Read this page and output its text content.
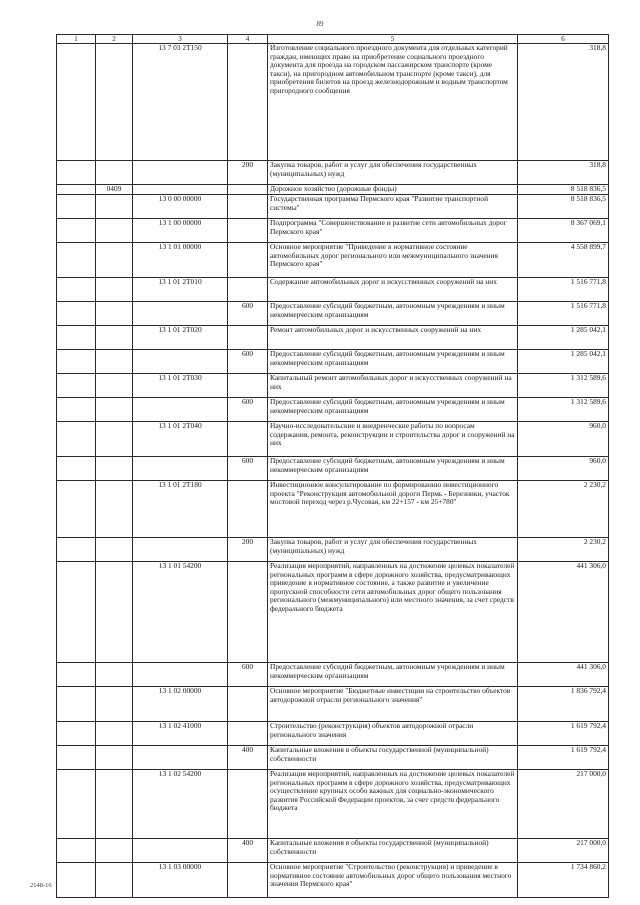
89
1	2	3	4	5	6
		13 7 03 2Т150		Изготовление социального проездного документа для отдельных категорий граждан, имеющих право на приобретение социального проездного документа для проезда на городском пассажирском транспорте (кроме такси), на пригородном автомобильном транспорте (кроме такси), для приобретения билетов на проезд железнодорожным и водным транспортом пригородного сообщения	318,8
			200	Закупка товаров, работ и услуг для обеспечения государственных (муниципальных) нужд	318,8
	0409			Дорожное хозяйство (дорожные фонды)	8 518 836,5
		13 0 00 00000		Государственная программа Пермского края "Развитие транспортной системы"	8 518 836,5
		13 1 00 00000		Подпрограмма "Совершенствование и развитие сети автомобильных дорог Пермского края"	8 367 069,1
		13 1 01 00000		Основное мероприятие "Приведение в нормативное состояние автомобильных дорог регионального или межмуниципального значения Пермского края"	4 558 899,7
		13 1 01 2Т010		Содержание автомобильных дорог и искусственных сооружений на них	1 516 771,8
			600	Предоставление субсидий бюджетным, автономным учреждениям и иным некоммерческим организациям	1 516 771,8
		13 1 01 2Т020		Ремонт автомобильных дорог и искусственных сооружений на них	1 285 042,1
			600	Предоставление субсидий бюджетным, автономным учреждениям и иным некоммерческим организациям	1 285 042,1
		13 1 01 2Т030		Капитальный ремонт автомобильных дорог и искусственных сооружений на них	1 312 589,6
			600	Предоставление субсидий бюджетным, автономным учреждениям и иным некоммерческим организациям	1 312 589,6
		13 1 01 2Т040		Научно-исследовательские и внедренческие работы по вопросам содержания, ремонта, реконструкции и строительства дорог и сооружений на них	960,0
			600	Предоставление субсидий бюджетным, автономным учреждениям и иным некоммерческим организациям	960,0
		13 1 01 2Т180		Инвестиционное консультирование по формированию инвестиционного проекта "Реконструкция автомобильной дороги Пермь - Березники, участок мостовой переход через р.Чусовая, км 22+157 - км 25+780"	2 230,2
			200	Закупка товаров, работ и услуг для обеспечения государственных (муниципальных) нужд	2 230,2
		13 1 01 54200		Реализация мероприятий, направленных на достижение целевых показателей региональных программ в сфере дорожного хозяйства, предусматривающих приведение в нормативное состояние, а также развитие и увеличение пропускной способности сети автомобильных дорог общего пользования регионального (межмуниципального) или местного значения, за счет средств федерального бюджета	441 306,0
			600	Предоставление субсидий бюджетным, автономным учреждениям и иным некоммерческим организациям	441 306,0
		13 1 02 00000		Основное мероприятие "Бюджетные инвестиции на строительство объектов автодорожной отрасли регионального значения"	1 836 792,4
		13 1 02 41000		Строительство (реконструкция) объектов автодорожной отрасли регионального значения	1 619 792,4
			400	Капитальные вложения в объекты государственной (муниципальной) собственности	1 619 792,4
		13 1 02 54200		Реализация мероприятий, направленных на достижение целевых показателей региональных программ в сфере дорожного хозяйства, предусматривающих осуществление крупных особо важных для социально-экономического развития Российской Федерации проектов, за счет средств федерального бюджета	217 000,0
			400	Капитальные вложения в объекты государственной (муниципальной) собственности	217 000,0
		13 1 03 00000		Основное мероприятие "Строительство (реконструкция) и приведение в нормативное состояние автомобильных дорог общего пользования местного значения Пермского края"	1 734 860,2
2148-16
